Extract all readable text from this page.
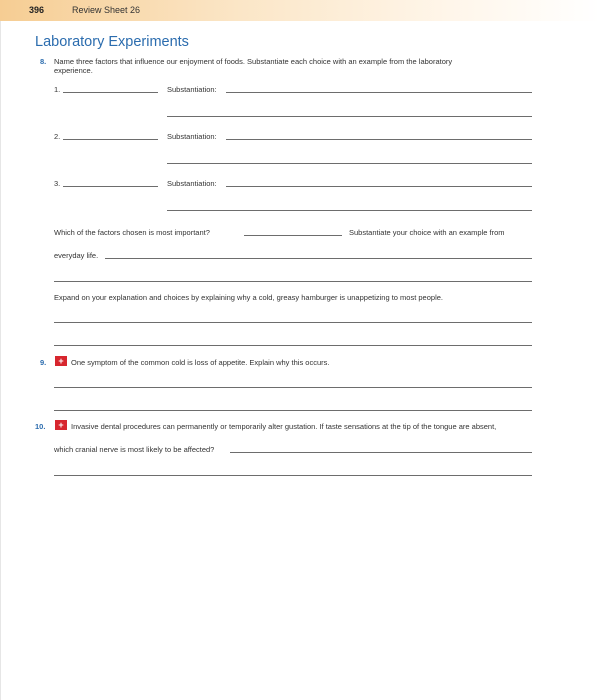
396	Review Sheet 26
Laboratory Experiments
8. Name three factors that influence our enjoyment of foods. Substantiate each choice with an example from the laboratory
experience.
1.	Substantiation:
2.	Substantiation:
3.	Substantiation:
Which of the factors chosen is most important?	Substantiate your choice with an example from
everyday life.
Expand on your explanation and choices by explaining why a cold, greasy hamburger is unappetizing to most people.
9.	+ One symptom of the common cold is loss of appetite. Explain why this occurs.
10.	+ Invasive dental procedures can permanently or temporarily alter gustation. If taste sensations at the tip of the tongue are absent,
which cranial nerve is most likely to be affected?
